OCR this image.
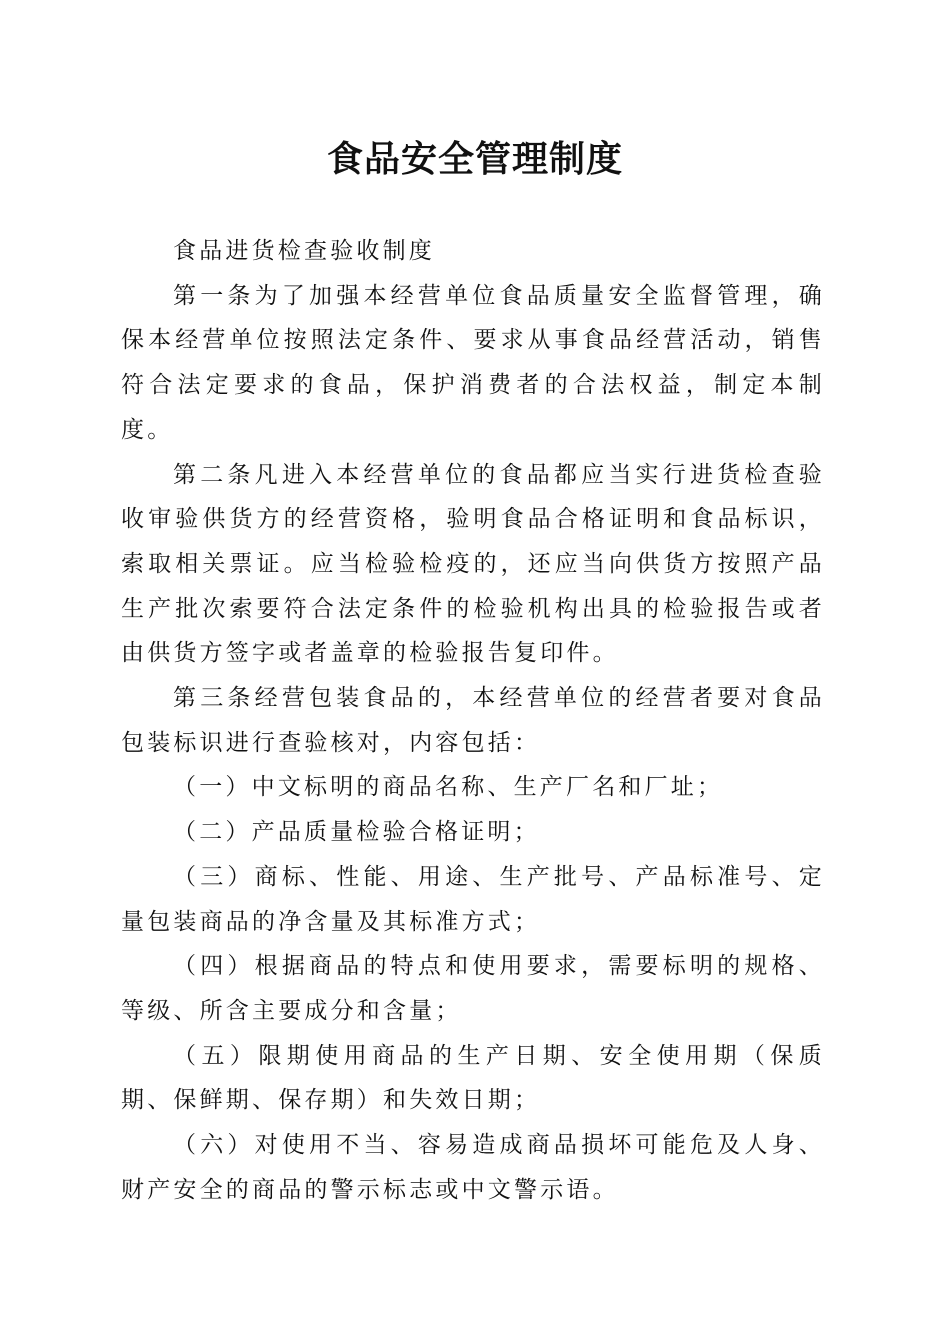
食品安全管理制度

食品进货检查验收制度

第一条为了加强本经营单位食品质量安全监督管理，确保本经营单位按照法定条件、要求从事食品经营活动，销售符合法定要求的食品，保护消费者的合法权益，制定本制度。

第二条凡进入本经营单位的食品都应当实行进货检查验收审验供货方的经营资格，验明食品合格证明和食品标识，索取相关票证。应当检验检疫的，还应当向供货方按照产品生产批次索要符合法定条件的检验机构出具的检验报告或者由供货方签字或者盖章的检验报告复印件。

第三条经营包装食品的，本经营单位的经营者要对食品包装标识进行查验核对，内容包括：

（一）中文标明的商品名称、生产厂名和厂址；

（二）产品质量检验合格证明；

（三）商标、性能、用途、生产批号、产品标准号、定量包装商品的净含量及其标准方式；

（四）根据商品的特点和使用要求，需要标明的规格、等级、所含主要成分和含量；

（五）限期使用商品的生产日期、安全使用期（保质期、保鲜期、保存期）和失效日期；

（六）对使用不当、容易造成商品损坏可能危及人身、财产安全的商品的警示标志或中文警示语。
